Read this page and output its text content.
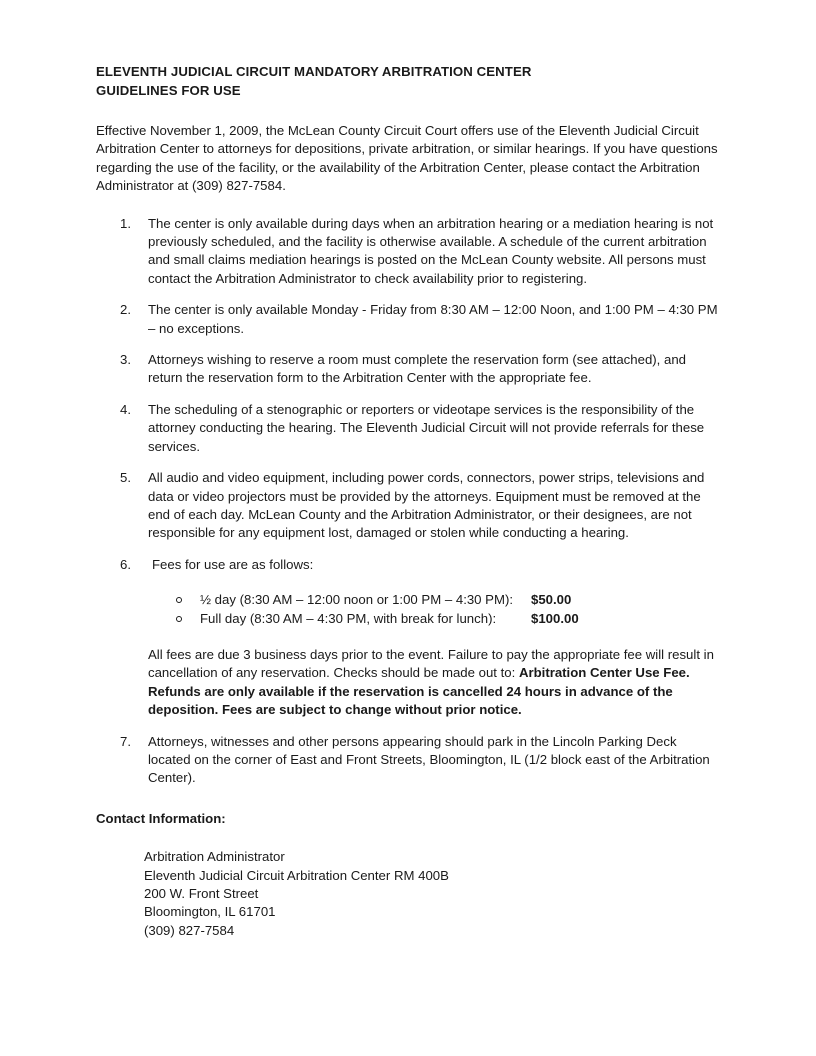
ELEVENTH JUDICIAL CIRCUIT MANDATORY ARBITRATION CENTER
GUIDELINES FOR USE

Effective November 1, 2009, the McLean County Circuit Court offers use of the Eleventh Judicial Circuit Arbitration Center to attorneys for depositions, private arbitration, or similar hearings. If you have questions regarding the use of the facility, or the availability of the Arbitration Center, please contact the Arbitration Administrator at (309) 827-7584.

1.	The center is only available during days when an arbitration hearing or a mediation hearing is not previously scheduled, and the facility is otherwise available. A schedule of the current arbitration and small claims mediation hearings is posted on the McLean County website. All persons must contact the Arbitration Administrator to check availability prior to registering.
2.	The center is only available Monday - Friday from 8:30 AM – 12:00 Noon, and 1:00 PM – 4:30 PM – no exceptions.
3.	Attorneys wishing to reserve a room must complete the reservation form (see attached), and return the reservation form to the Arbitration Center with the appropriate fee.
4.	The scheduling of a stenographic or reporters or videotape services is the responsibility of the attorney conducting the hearing. The Eleventh Judicial Circuit will not provide referrals for these services.
5.	All audio and video equipment, including power cords, connectors, power strips, televisions and data or video projectors must be provided by the attorneys. Equipment must be removed at the end of each day. McLean County and the Arbitration Administrator, or their designees, are not responsible for any equipment lost, damaged or stolen while conducting a hearing.
6.	Fees for use are as follows:
½ day (8:30 AM – 12:00 noon or 1:00 PM – 4:30 PM): $50.00
Full day (8:30 AM – 4:30 PM, with break for lunch):	$100.00

All fees are due 3 business days prior to the event. Failure to pay the appropriate fee will result in cancellation of any reservation. Checks should be made out to: Arbitration Center Use Fee. Refunds are only available if the reservation is cancelled 24 hours in advance of the deposition. Fees are subject to change without prior notice.

7.	Attorneys, witnesses and other persons appearing should park in the Lincoln Parking Deck located on the corner of East and Front Streets, Bloomington, IL (1/2 block east of the Arbitration Center).

Contact Information:

Arbitration Administrator
Eleventh Judicial Circuit Arbitration Center RM 400B
200 W. Front Street
Bloomington, IL 61701
(309) 827-7584
